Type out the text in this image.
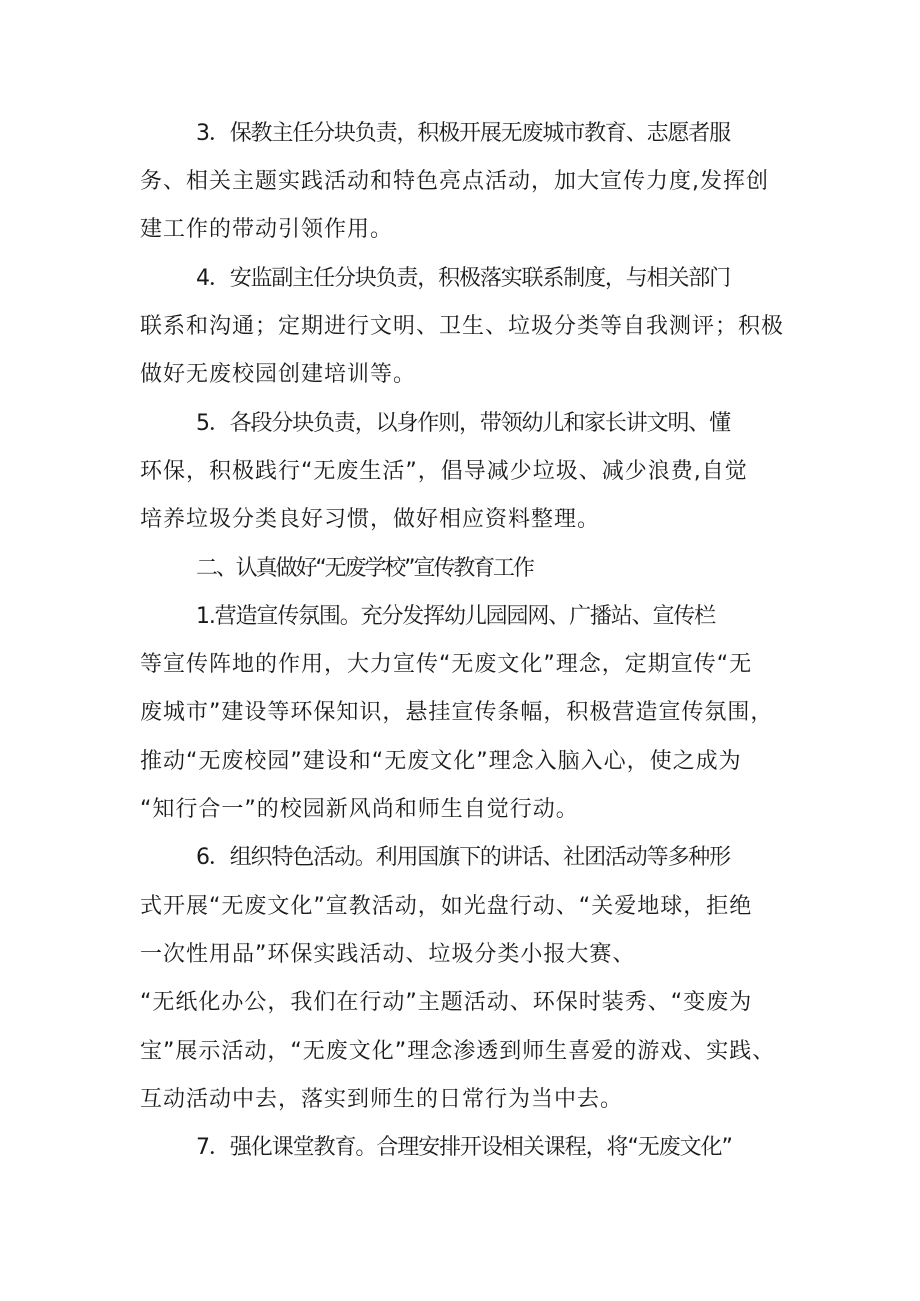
3．保教主任分块负责，积极开展无废城市教育、志愿者服
务、相关主题实践活动和特色亮点活动，加大宣传力度,发挥创
建工作的带动引领作用。
4．安监副主任分块负责，积极落实联系制度，与相关部门
联系和沟通；定期进行文明、卫生、垃圾分类等自我测评；积极
做好无废校园创建培训等。
5．各段分块负责，以身作则，带领幼儿和家长讲文明、懂
环保，积极践行“无废生活”，倡导减少垃圾、减少浪费,自觉
培养垃圾分类良好习惯，做好相应资料整理。
二、认真做好“无废学校”宣传教育工作
1.营造宣传氛围。充分发挥幼儿园园网、广播站、宣传栏
等宣传阵地的作用，大力宣传“无废文化”理念，定期宣传“无
废城市”建设等环保知识，悬挂宣传条幅，积极营造宣传氛围，
推动“无废校园”建设和“无废文化”理念入脑入心，使之成为
“知行合一”的校园新风尚和师生自觉行动。
6．组织特色活动。利用国旗下的讲话、社团活动等多种形
式开展“无废文化”宣教活动，如光盘行动、“关爱地球，拒绝
一次性用品”环保实践活动、垃圾分类小报大赛、
“无纸化办公，我们在行动”主题活动、环保时装秀、“变废为
宝”展示活动，“无废文化”理念渗透到师生喜爱的游戏、实践、
互动活动中去，落实到师生的日常行为当中去。
7．强化课堂教育。合理安排开设相关课程，将“无废文化”
